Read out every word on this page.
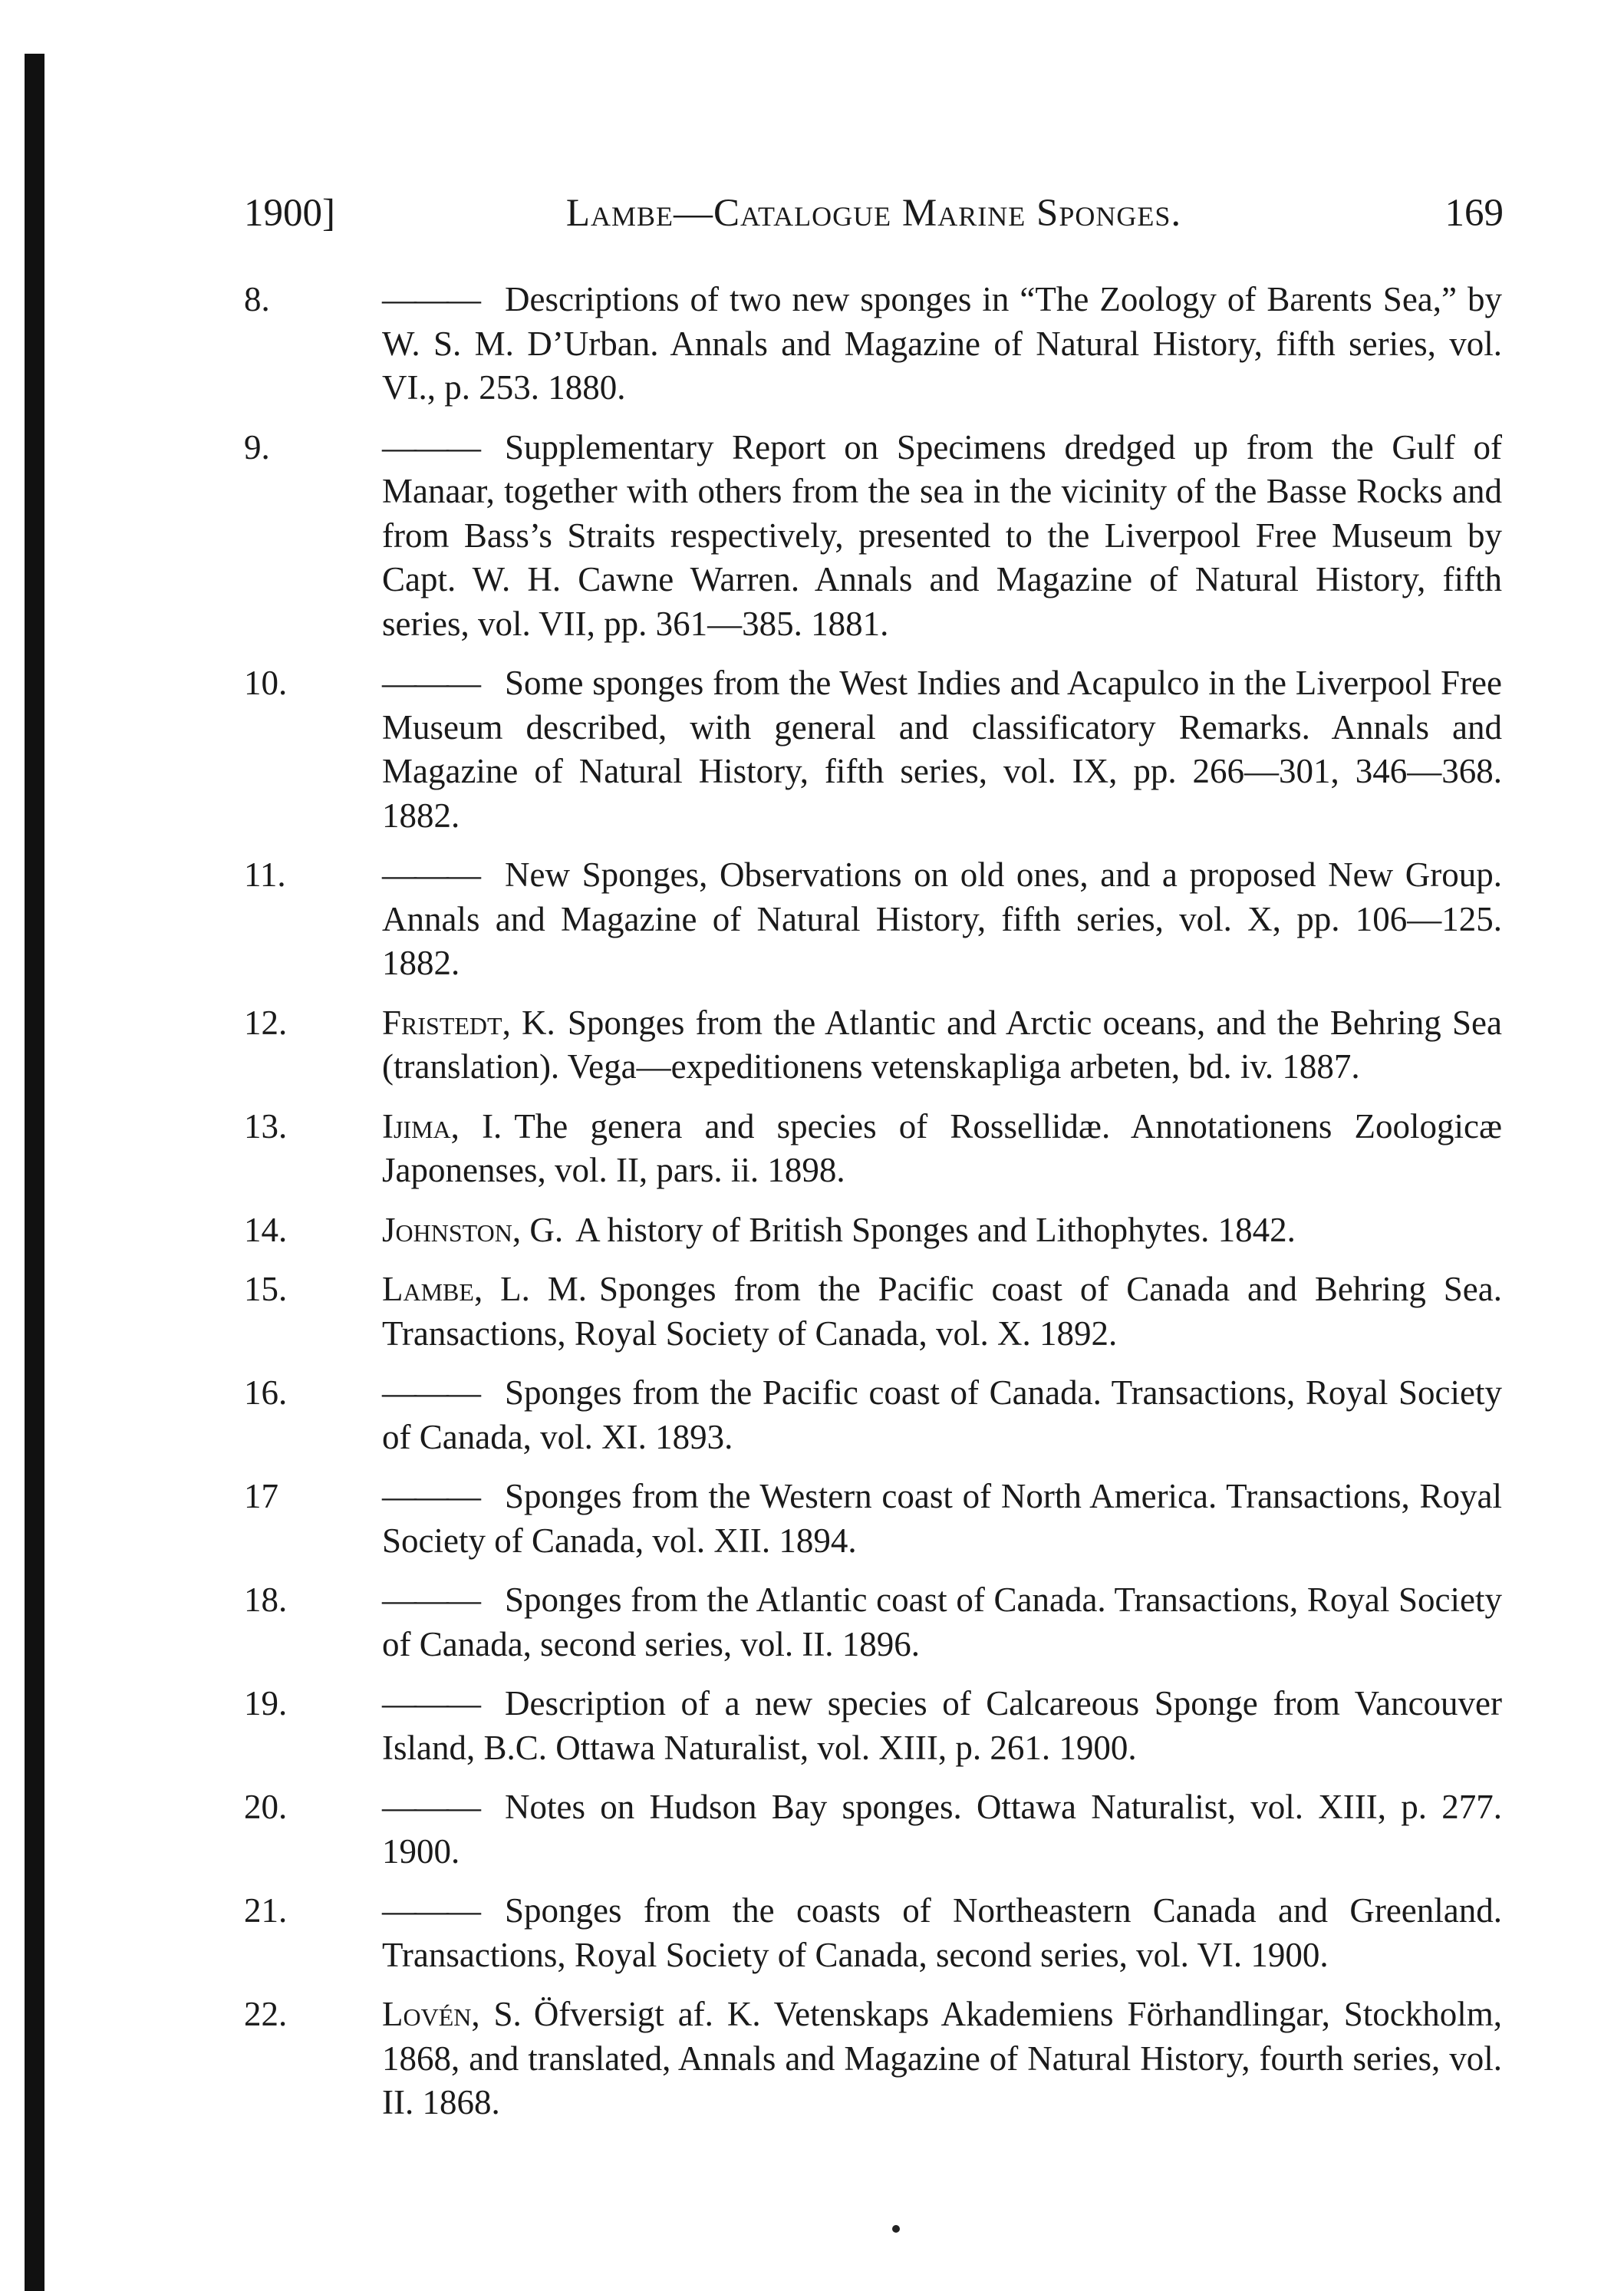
1900]	Lambe—Catalogue Marine Sponges.	169
8.	——— Descriptions of two new sponges in “The Zoology of Barents Sea,” by W. S. M. D’Urban. Annals and Magazine of Natural History, fifth series, vol. VI., p. 253. 1880.
9.	——— Supplementary Report on Specimens dredged up from the Gulf of Manaar, together with others from the sea in the vicinity of the Basse Rocks and from Bass’s Straits respectively, presented to the Liverpool Free Museum by Capt. W. H. Cawne Warren. Annals and Magazine of Natural History, fifth series, vol. VII, pp. 361—385. 1881.
10.	——— Some sponges from the West Indies and Acapulco in the Liverpool Free Museum described, with general and classificatory Remarks. Annals and Magazine of Natural History, fifth series, vol. IX, pp. 266—301, 346—368. 1882.
11.	——— New Sponges, Observations on old ones, and a proposed New Group. Annals and Magazine of Natural History, fifth series, vol. X, pp. 106—125. 1882.
12.	Fristedt, K. Sponges from the Atlantic and Arctic oceans, and the Behring Sea (translation). Vega—expeditionens vetenskapliga arbeten, bd. iv. 1887.
13.	Ijima, I. The genera and species of Rossellidæ. Annotationens Zoologicæ Japonenses, vol. II, pars. ii. 1898.
14.	Johnston, G. A history of British Sponges and Lithophytes. 1842.
15.	Lambe, L. M. Sponges from the Pacific coast of Canada and Behring Sea. Transactions, Royal Society of Canada, vol. X. 1892.
16.	——— Sponges from the Pacific coast of Canada. Transactions, Royal Society of Canada, vol. XI. 1893.
17	——— Sponges from the Western coast of North America. Transactions, Royal Society of Canada, vol. XII. 1894.
18.	——— Sponges from the Atlantic coast of Canada. Transactions, Royal Society of Canada, second series, vol. II. 1896.
19.	——— Description of a new species of Calcareous Sponge from Vancouver Island, B.C. Ottawa Naturalist, vol. XIII, p. 261. 1900.
20.	——— Notes on Hudson Bay sponges. Ottawa Naturalist, vol. XIII, p. 277. 1900.
21.	——— Sponges from the coasts of Northeastern Canada and Greenland. Transactions, Royal Society of Canada, second series, vol. VI. 1900.
22.	Lovén, S. Öfversigt af. K. Vetenskaps Akademiens Förhandlingar, Stockholm, 1868, and translated, Annals and Magazine of Natural History, fourth series, vol. II. 1868.
